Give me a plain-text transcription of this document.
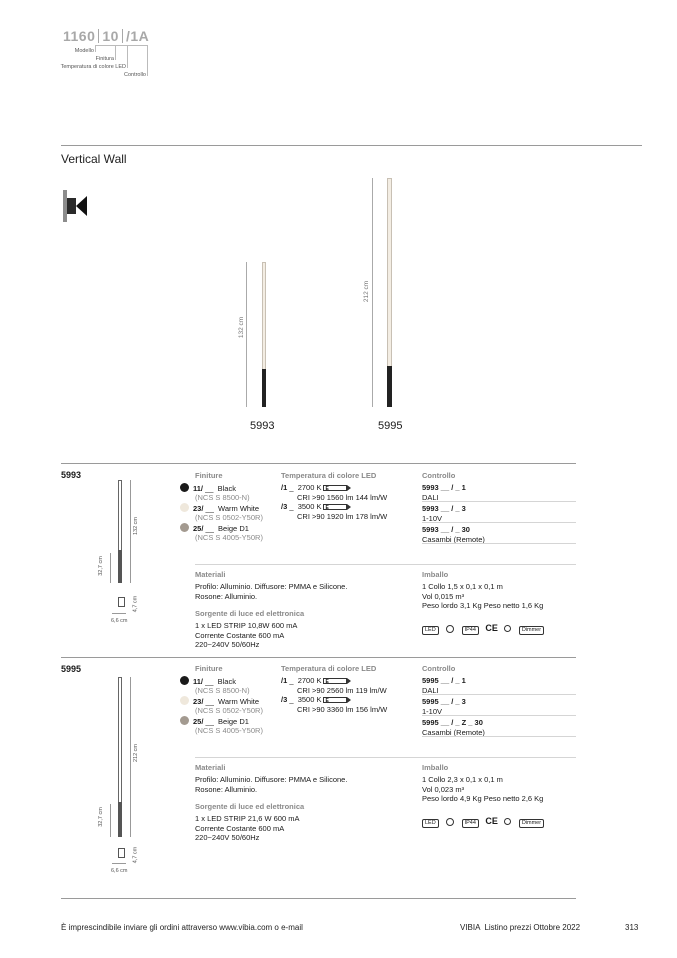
1160 10 /1A
Modello
Finitura
Temperatura di colore LED
Controllo
Vertical Wall
132 cm
5993
212 cm
5995
5993
132 cm
32,7 cm
4,7 cm
6,6 cm
Finiture
11/ __ Black
(NCS S 8500-N)
23/ __ Warm White
(NCS S 0502-Y50R)
25/ __ Beige D1
(NCS S 4005-Y50R)
Temperatura di colore LED
/1 _ 2700 K E
CRI >90 1560 lm 144 lm/W
/3 _ 3500 K E
CRI >90 1920 lm 178 lm/W
Controllo
5993 __ / _ 1
DALI
5993 __ / _ 3
1-10V
5993 __ / _ 30
Casambi (Remote)
Materiali
Profilo: Alluminio. Diffusore: PMMA e Silicone.
Rosone: Alluminio.
Sorgente di luce ed elettronica
1 x LED STRIP 10,8W 600 mA
Corrente Costante 600 mA
220~240V 50/60Hz
Imballo
1 Collo 1,5 x 0,1 x 0,1 m
Vol 0,015 m³
Peso lordo 3,1 Kg Peso netto 1,6 Kg
LED	IP44 CE	Dimmer
5995
212 cm
32,7 cm
4,7 cm
6,6 cm
Finiture
11/ __ Black
(NCS S 8500-N)
23/ __ Warm White
(NCS S 0502-Y50R)
25/ __ Beige D1
(NCS S 4005-Y50R)
Temperatura di colore LED
/1 _ 2700 K E
CRI >90 2560 lm 119 lm/W
/3 _ 3500 K E
CRI >90 3360 lm 156 lm/W
Controllo
5995 __ / _ 1
DALI
5995 __ / _ 3
1-10V
5995 __ / _ Z _ 30
Casambi (Remote)
Materiali
Profilo: Alluminio. Diffusore: PMMA e Silicone.
Rosone: Alluminio.
Sorgente di luce ed elettronica
1 x LED STRIP 21,6 W 600 mA
Corrente Costante 600 mA
220~240V 50/60Hz
Imballo
1 Collo 2,3 x 0,1 x 0,1 m
Vol 0,023 m³
Peso lordo 4,9 Kg Peso netto 2,6 Kg
LED	IP44 CE	Dimmer
È imprescindibile inviare gli ordini attraverso www.vibia.com o e-mail	VIBIA  Listino prezzi Ottobre 2022	313
